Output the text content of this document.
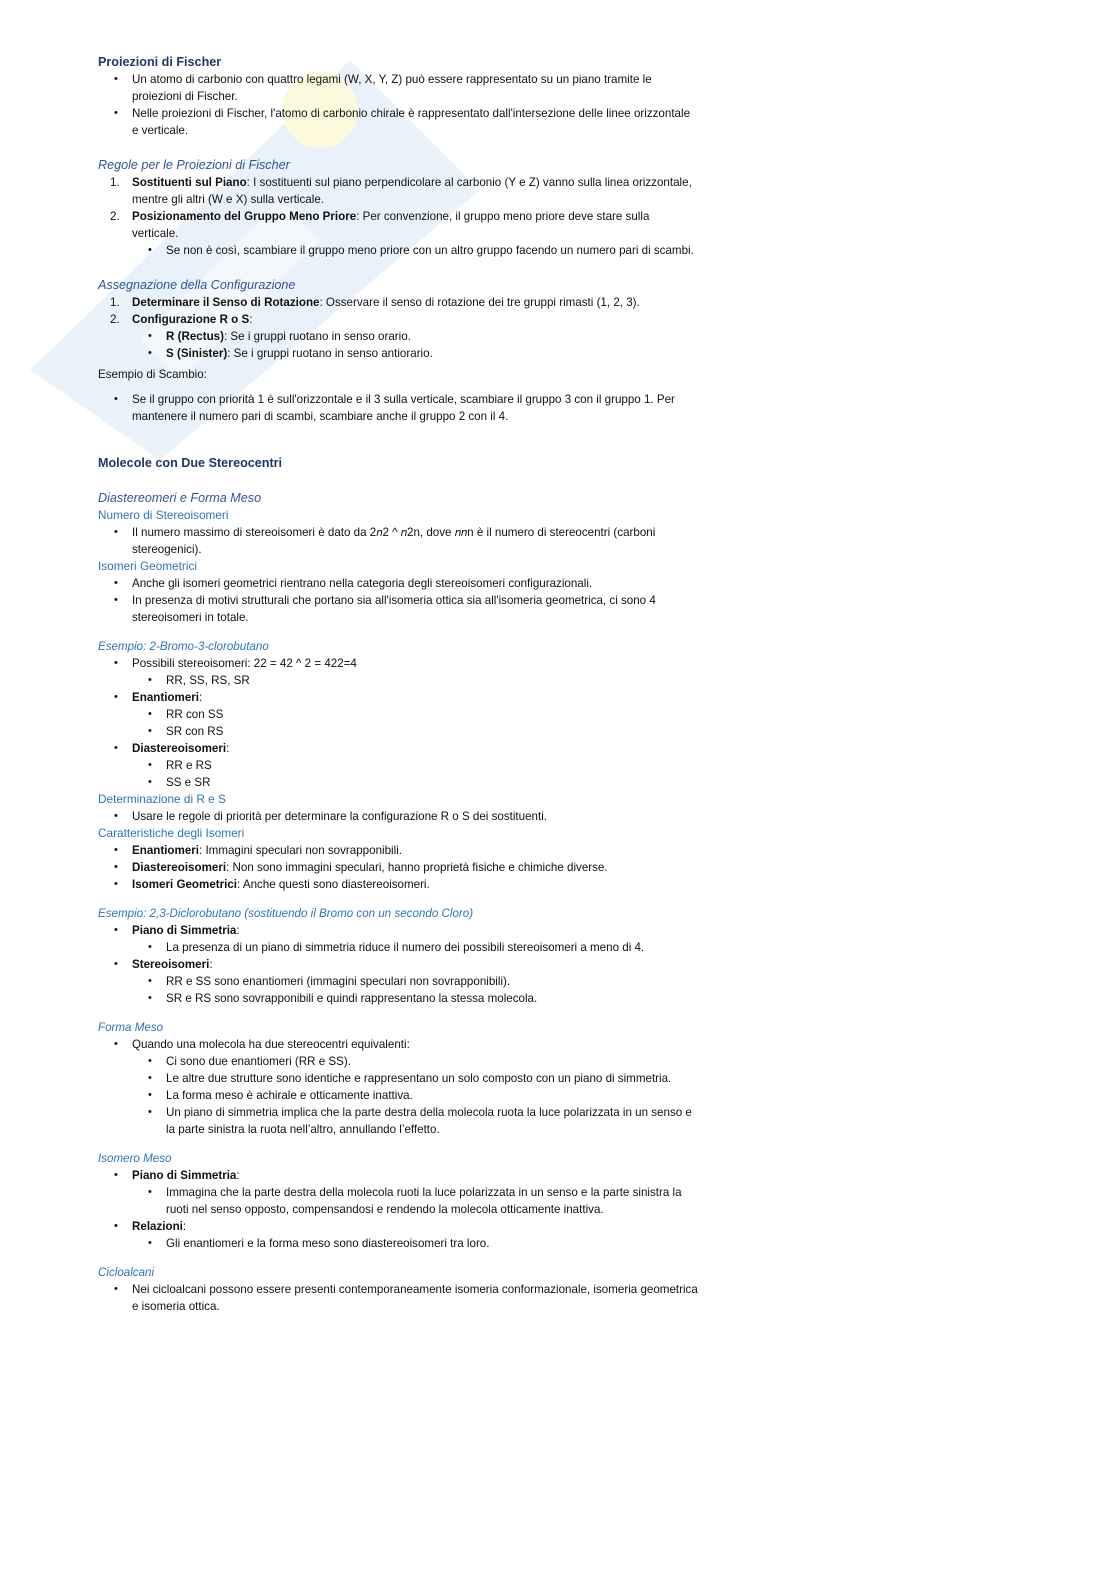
Proiezioni di Fischer

• Un atomo di carbonio con quattro legami (W, X, Y, Z) può essere rappresentato su un piano tramite le proiezioni di Fischer.
• Nelle proiezioni di Fischer, l'atomo di carbonio chirale è rappresentato dall'intersezione delle linee orizzontale e verticale.

Regole per le Proiezioni di Fischer

1. Sostituenti sul Piano: I sostituenti sul piano perpendicolare al carbonio (Y e Z) vanno sulla linea orizzontale, mentre gli altri (W e X) sulla verticale.
2. Posizionamento del Gruppo Meno Priore: Per convenzione, il gruppo meno priore deve stare sulla verticale.
• Se non è così, scambiare il gruppo meno priore con un altro gruppo facendo un numero pari di scambi.

Assegnazione della Configurazione

1. Determinare il Senso di Rotazione: Osservare il senso di rotazione dei tre gruppi rimasti (1, 2, 3).
2. Configurazione R o S:
• R (Rectus): Se i gruppi ruotano in senso orario.
• S (Sinister): Se i gruppi ruotano in senso antiorario.

Esempio di Scambio:

• Se il gruppo con priorità 1 è sull'orizzontale e il 3 sulla verticale, scambiare il gruppo 3 con il gruppo 1. Per mantenere il numero pari di scambi, scambiare anche il gruppo 2 con il 4.

Molecole con Due Stereocentri

Diastereomeri e Forma Meso

Numero di Stereoisomeri

• Il numero massimo di stereoisomeri è dato da 2𝑛2 ^ 𝑛2n, dove 𝑛𝑛n è il numero di stereocentri (carboni stereogenici).

Isomeri Geometrici

• Anche gli isomeri geometrici rientrano nella categoria degli stereoisomeri configurazionali.
• In presenza di motivi strutturali che portano sia all'isomeria ottica sia all'isomeria geometrica, ci sono 4 stereoisomeri in totale.

Esempio: 2-Bromo-3-clorobutano

• Possibili stereoisomeri: 22 = 42 ^ 2 = 422=4
• RR, SS, RS, SR
• Enantiomeri:
• RR con SS
• SR con RS
• Diastereoisomeri:
• RR e RS
• SS e SR

Determinazione di R e S

• Usare le regole di priorità per determinare la configurazione R o S dei sostituenti.

Caratteristiche degli Isomeri

• Enantiomeri: Immagini speculari non sovrapponibili.
• Diastereoisomeri: Non sono immagini speculari, hanno proprietà fisiche e chimiche diverse.
• Isomeri Geometrici: Anche questi sono diastereoisomeri.

Esempio: 2,3-Diclorobutano (sostituendo il Bromo con un secondo Cloro)

• Piano di Simmetria:
• La presenza di un piano di simmetria riduce il numero dei possibili stereoisomeri a meno di 4.
• Stereoisomeri:
• RR e SS sono enantiomeri (immagini speculari non sovrapponibili).
• SR e RS sono sovrapponibili e quindi rappresentano la stessa molecola.

Forma Meso

• Quando una molecola ha due stereocentri equivalenti:
• Ci sono due enantiomeri (RR e SS).
• Le altre due strutture sono identiche e rappresentano un solo composto con un piano di simmetria.
• La forma meso è achirale e otticamente inattiva.
• Un piano di simmetria implica che la parte destra della molecola ruota la luce polarizzata in un senso e la parte sinistra la ruota nell’altro, annullando l’effetto.

Isomero Meso

• Piano di Simmetria:
• Immagina che la parte destra della molecola ruoti la luce polarizzata in un senso e la parte sinistra la ruoti nel senso opposto, compensandosi e rendendo la molecola otticamente inattiva.
• Relazioni:
• Gli enantiomeri e la forma meso sono diastereoisomeri tra loro.

Cicloalcani

• Nei cicloalcani possono essere presenti contemporaneamente isomeria conformazionale, isomeria geometrica e isomeria ottica.
